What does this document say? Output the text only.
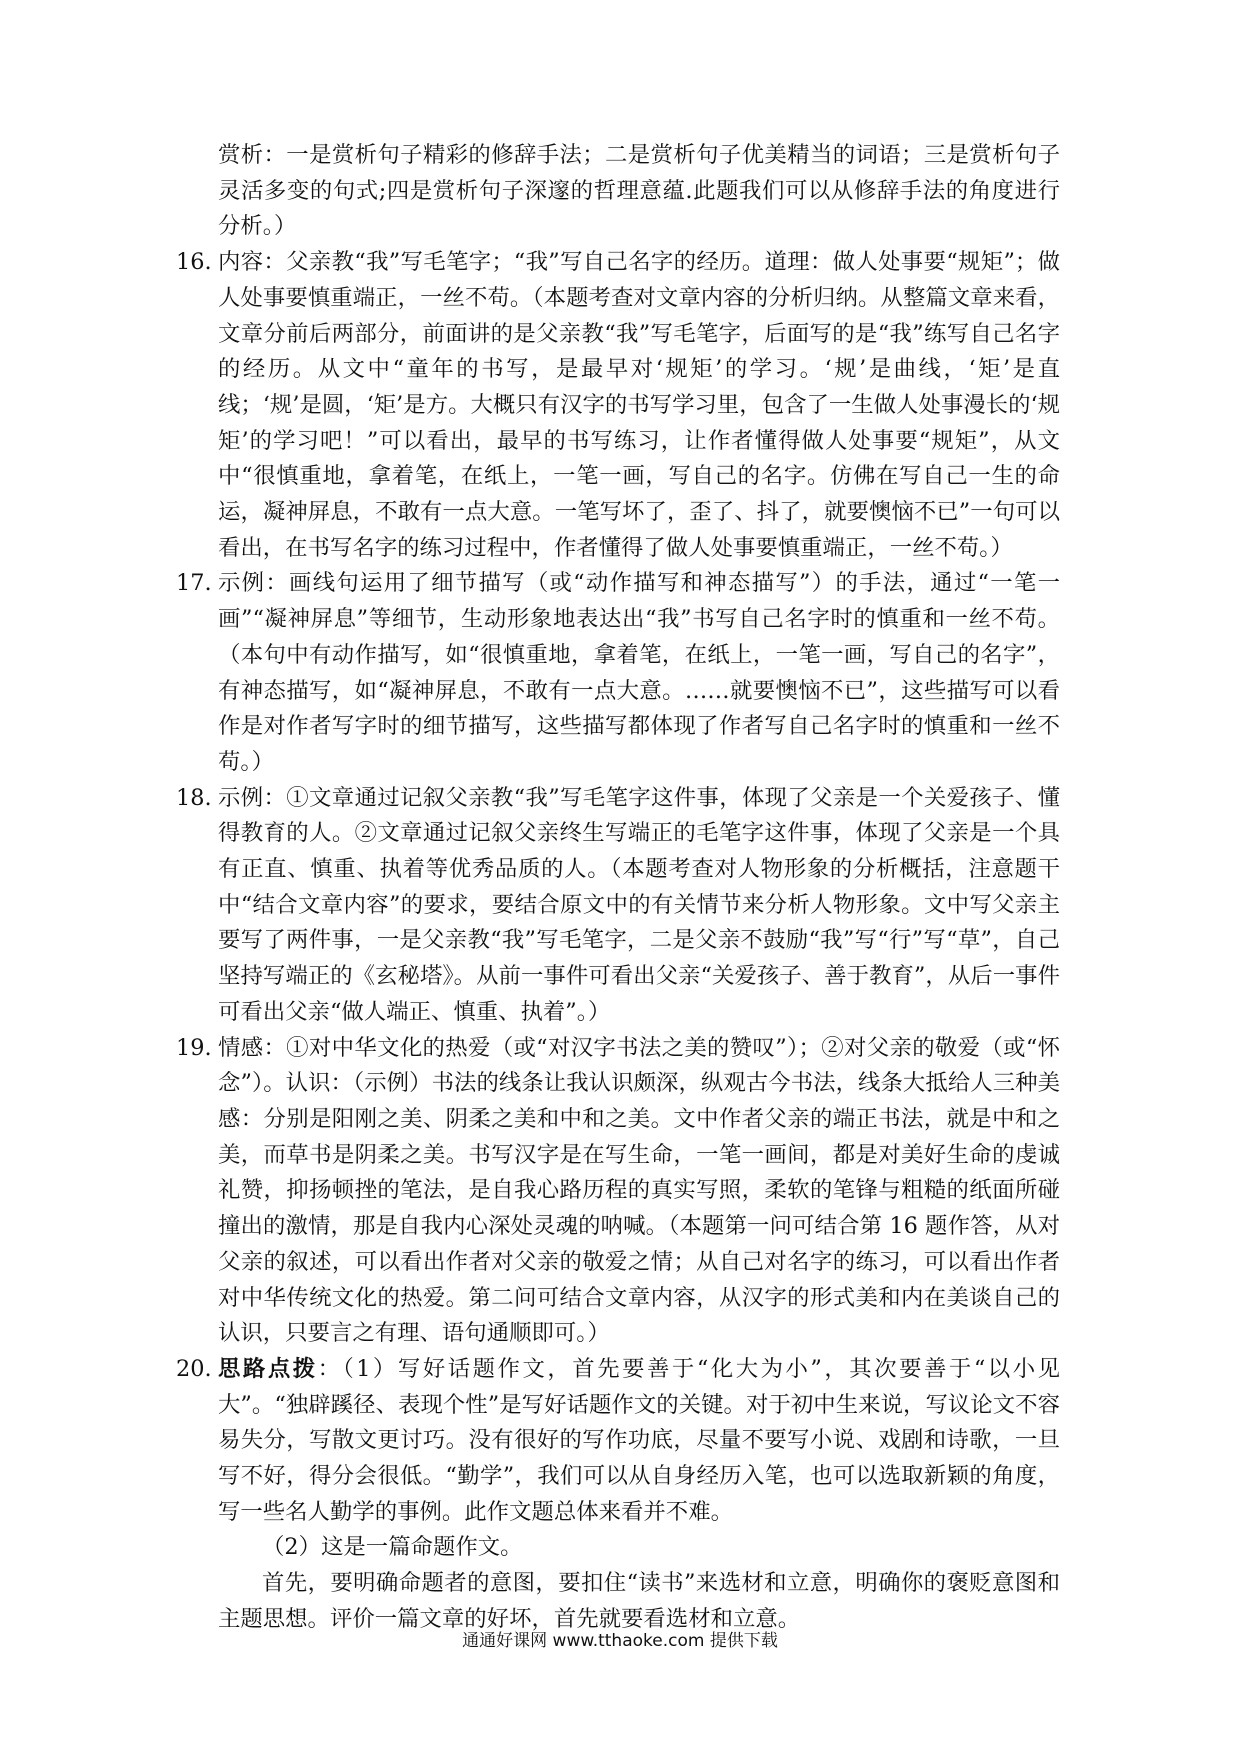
赏析：一是赏析句子精彩的修辞手法；二是赏析句子优美精当的词语；三是赏析句子灵活多变的句式;四是赏析句子深邃的哲理意蕴.此题我们可以从修辞手法的角度进行分析。）

16. 内容：父亲教“我”写毛笔字；“我”写自己名字的经历。道理：做人处事要“规矩”；做人处事要慎重端正，一丝不苟。（本题考查对文章内容的分析归纳。从整篇文章来看，文章分前后两部分，前面讲的是父亲教“我”写毛笔字，后面写的是“我”练写自己名字的经历。从文中“童年的书写，是最早对‘规矩’的学习。‘规’是曲线，‘矩’是直线；‘规’是圆，‘矩’是方。大概只有汉字的书写学习里，包含了一生做人处事漫长的‘规矩’的学习吧！”可以看出，最早的书写练习，让作者懂得做人处事要“规矩”，从文中“很慎重地，拿着笔，在纸上，一笔一画，写自己的名字。仿佛在写自己一生的命运，凝神屏息，不敢有一点大意。一笔写坏了，歪了、抖了，就要懊恼不已”一句可以看出，在书写名字的练习过程中，作者懂得了做人处事要慎重端正，一丝不苟。）
17. 示例：画线句运用了细节描写（或“动作描写和神态描写”）的手法，通过“一笔一画”“凝神屏息”等细节，生动形象地表达出“我”书写自己名字时的慎重和一丝不苟。（本句中有动作描写，如“很慎重地，拿着笔，在纸上，一笔一画，写自己的名字”，有神态描写，如“凝神屏息，不敢有一点大意。……就要懊恼不已”，这些描写可以看作是对作者写字时的细节描写，这些描写都体现了作者写自己名字时的慎重和一丝不苟。）
18. 示例：①文章通过记叙父亲教“我”写毛笔字这件事，体现了父亲是一个关爱孩子、懂得教育的人。②文章通过记叙父亲终生写端正的毛笔字这件事，体现了父亲是一个具有正直、慎重、执着等优秀品质的人。（本题考查对人物形象的分析概括，注意题干中“结合文章内容”的要求，要结合原文中的有关情节来分析人物形象。文中写父亲主要写了两件事，一是父亲教“我”写毛笔字，二是父亲不鼓励“我”写“行”写“草”，自己坚持写端正的《玄秘塔》。从前一事件可看出父亲“关爱孩子、善于教育”，从后一事件可看出父亲“做人端正、慎重、执着”。）
19. 情感：①对中华文化的热爱（或“对汉字书法之美的赞叹”）；②对父亲的敬爱（或“怀念”）。认识：（示例）书法的线条让我认识颇深，纵观古今书法，线条大抵给人三种美感：分别是阳刚之美、阴柔之美和中和之美。文中作者父亲的端正书法，就是中和之美，而草书是阴柔之美。书写汉字是在写生命，一笔一画间，都是对美好生命的虔诚礼赞，抑扬顿挫的笔法，是自我心路历程的真实写照，柔软的笔锋与粗糙的纸面所碰撞出的激情，那是自我内心深处灵魂的呐喊。（本题第一问可结合第 16 题作答，从对父亲的叙述，可以看出作者对父亲的敬爱之情；从自己对名字的练习，可以看出作者对中华传统文化的热爱。第二问可结合文章内容，从汉字的形式美和内在美谈自己的认识，只要言之有理、语句通顺即可。）
20. 思路点拨：（1）写好话题作文，首先要善于“化大为小”，其次要善于“以小见大”。“独辟蹊径、表现个性”是写好话题作文的关键。对于初中生来说，写议论文不容易失分，写散文更讨巧。没有很好的写作功底，尽量不要写小说、戏剧和诗歌，一旦写不好，得分会很低。“勤学”，我们可以从自身经历入笔，也可以选取新颖的角度，写一些名人勤学的事例。此作文题总体来看并不难。

（2）这是一篇命题作文。

首先，要明确命题者的意图，要扣住“读书”来选材和立意，明确你的褒贬意图和主题思想。评价一篇文章的好坏，首先就要看选材和立意。

通通好课网 www.tthaoke.com 提供下载
